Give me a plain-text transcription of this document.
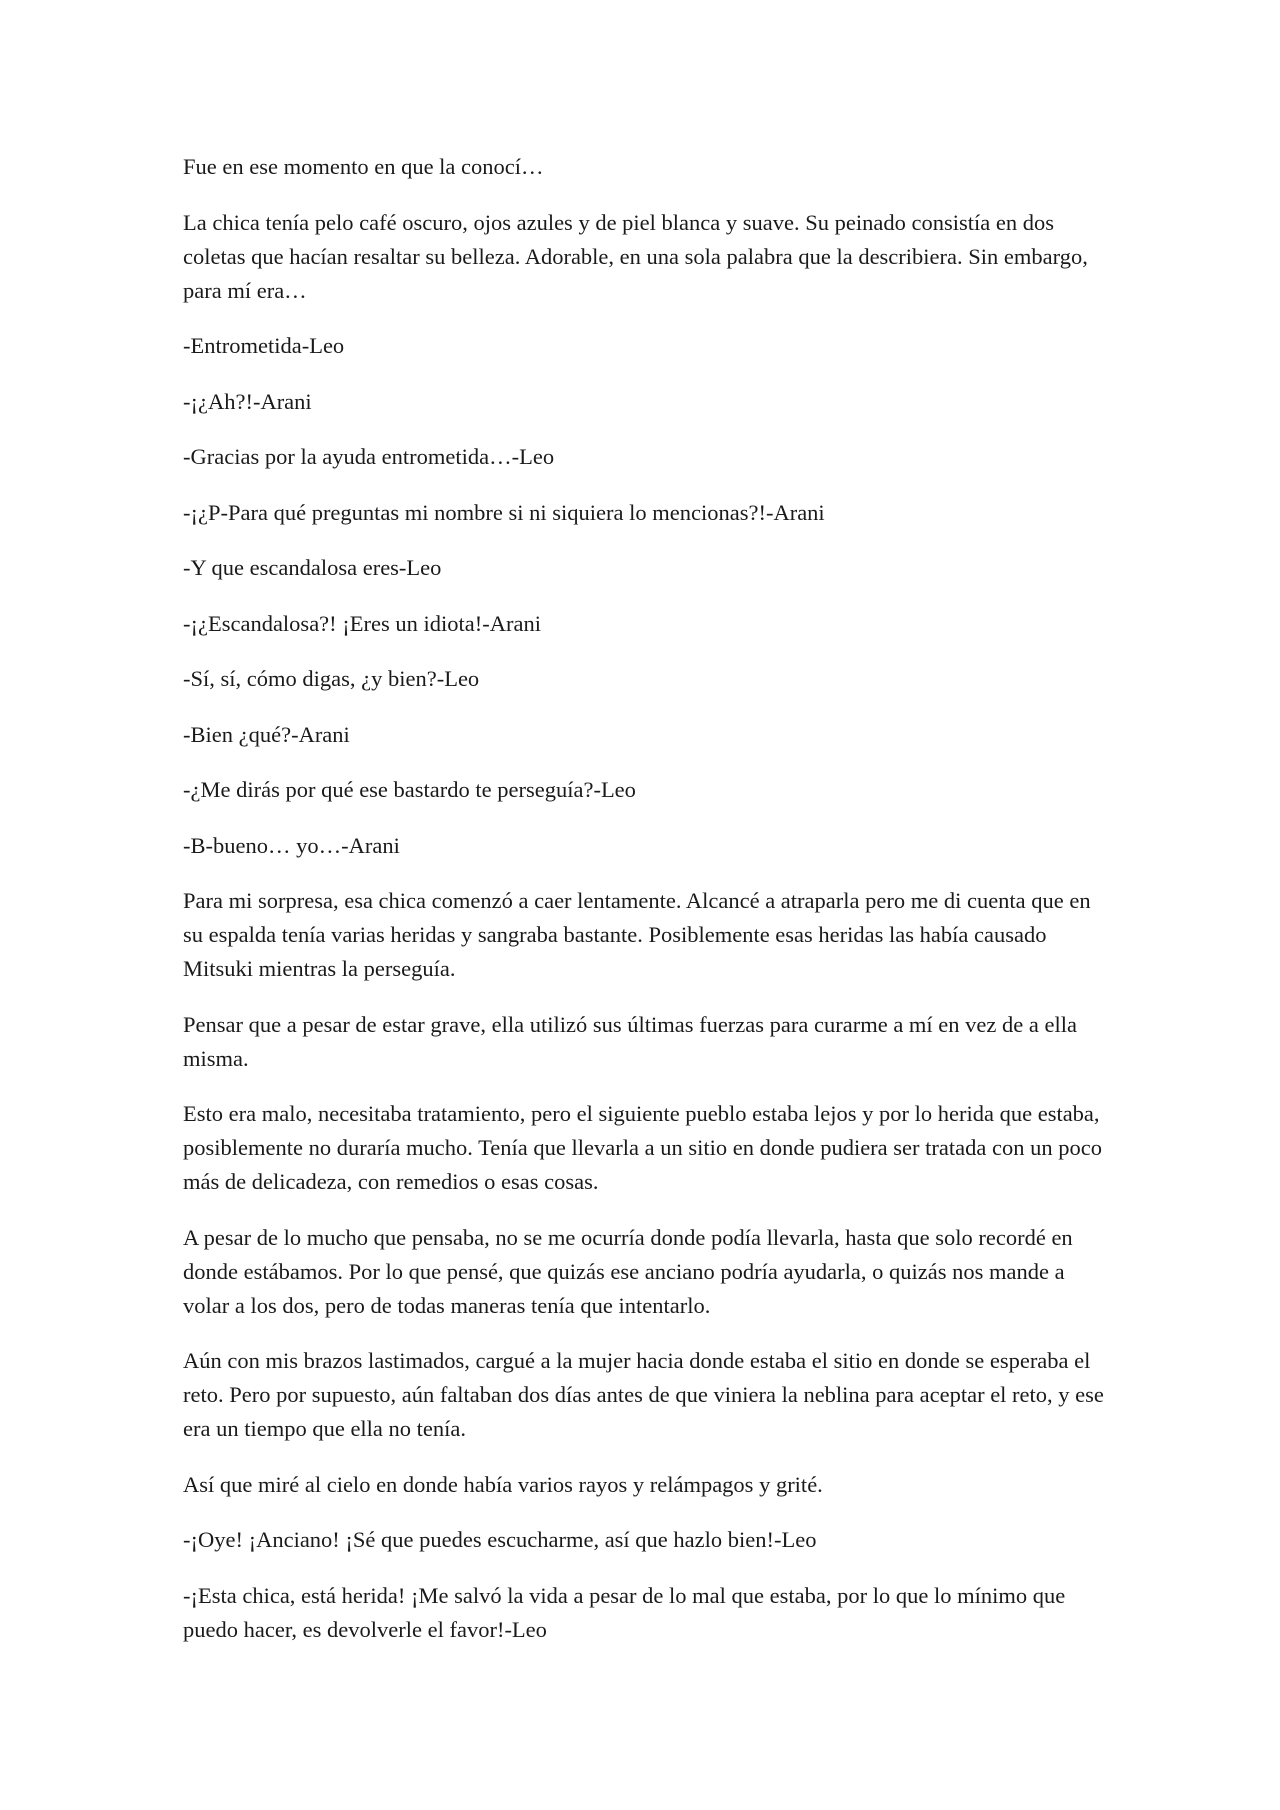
Fue en ese momento en que la conocí…

La chica tenía pelo café oscuro, ojos azules y de piel blanca y suave. Su peinado consistía en dos coletas que hacían resaltar su belleza. Adorable, en una sola palabra que la describiera. Sin embargo, para mí era…

-Entrometida-Leo

-¡¿Ah?!-Arani

-Gracias por la ayuda entrometida…-Leo

-¡¿P-Para qué preguntas mi nombre si ni siquiera lo mencionas?!-Arani

-Y que escandalosa eres-Leo

-¡¿Escandalosa?! ¡Eres un idiota!-Arani

-Sí, sí, cómo digas, ¿y bien?-Leo

-Bien ¿qué?-Arani

-¿Me dirás por qué ese bastardo te perseguía?-Leo

-B-bueno… yo…-Arani

Para mi sorpresa, esa chica comenzó a caer lentamente. Alcancé a atraparla pero me di cuenta que en su espalda tenía varias heridas y sangraba bastante. Posiblemente esas heridas las había causado Mitsuki mientras la perseguía.

Pensar que a pesar de estar grave, ella utilizó sus últimas fuerzas para curarme a mí en vez de a ella misma.

Esto era malo, necesitaba tratamiento, pero el siguiente pueblo estaba lejos y por lo herida que estaba, posiblemente no duraría mucho. Tenía que llevarla a un sitio en donde pudiera ser tratada con un poco más de delicadeza, con remedios o esas cosas.

A pesar de lo mucho que pensaba, no se me ocurría donde podía llevarla, hasta que solo recordé en donde estábamos. Por lo que pensé, que quizás ese anciano podría ayudarla, o quizás nos mande a volar a los dos, pero de todas maneras tenía que intentarlo.

Aún con mis brazos lastimados, cargué a la mujer hacia donde estaba el sitio en donde se esperaba el reto. Pero por supuesto, aún faltaban dos días antes de que viniera la neblina para aceptar el reto, y ese era un tiempo que ella no tenía.

Así que miré al cielo en donde había varios rayos y relámpagos y grité.

-¡Oye! ¡Anciano! ¡Sé que puedes escucharme, así que hazlo bien!-Leo

-¡Esta chica, está herida! ¡Me salvó la vida a pesar de lo mal que estaba, por lo que lo mínimo que puedo hacer, es devolverle el favor!-Leo
